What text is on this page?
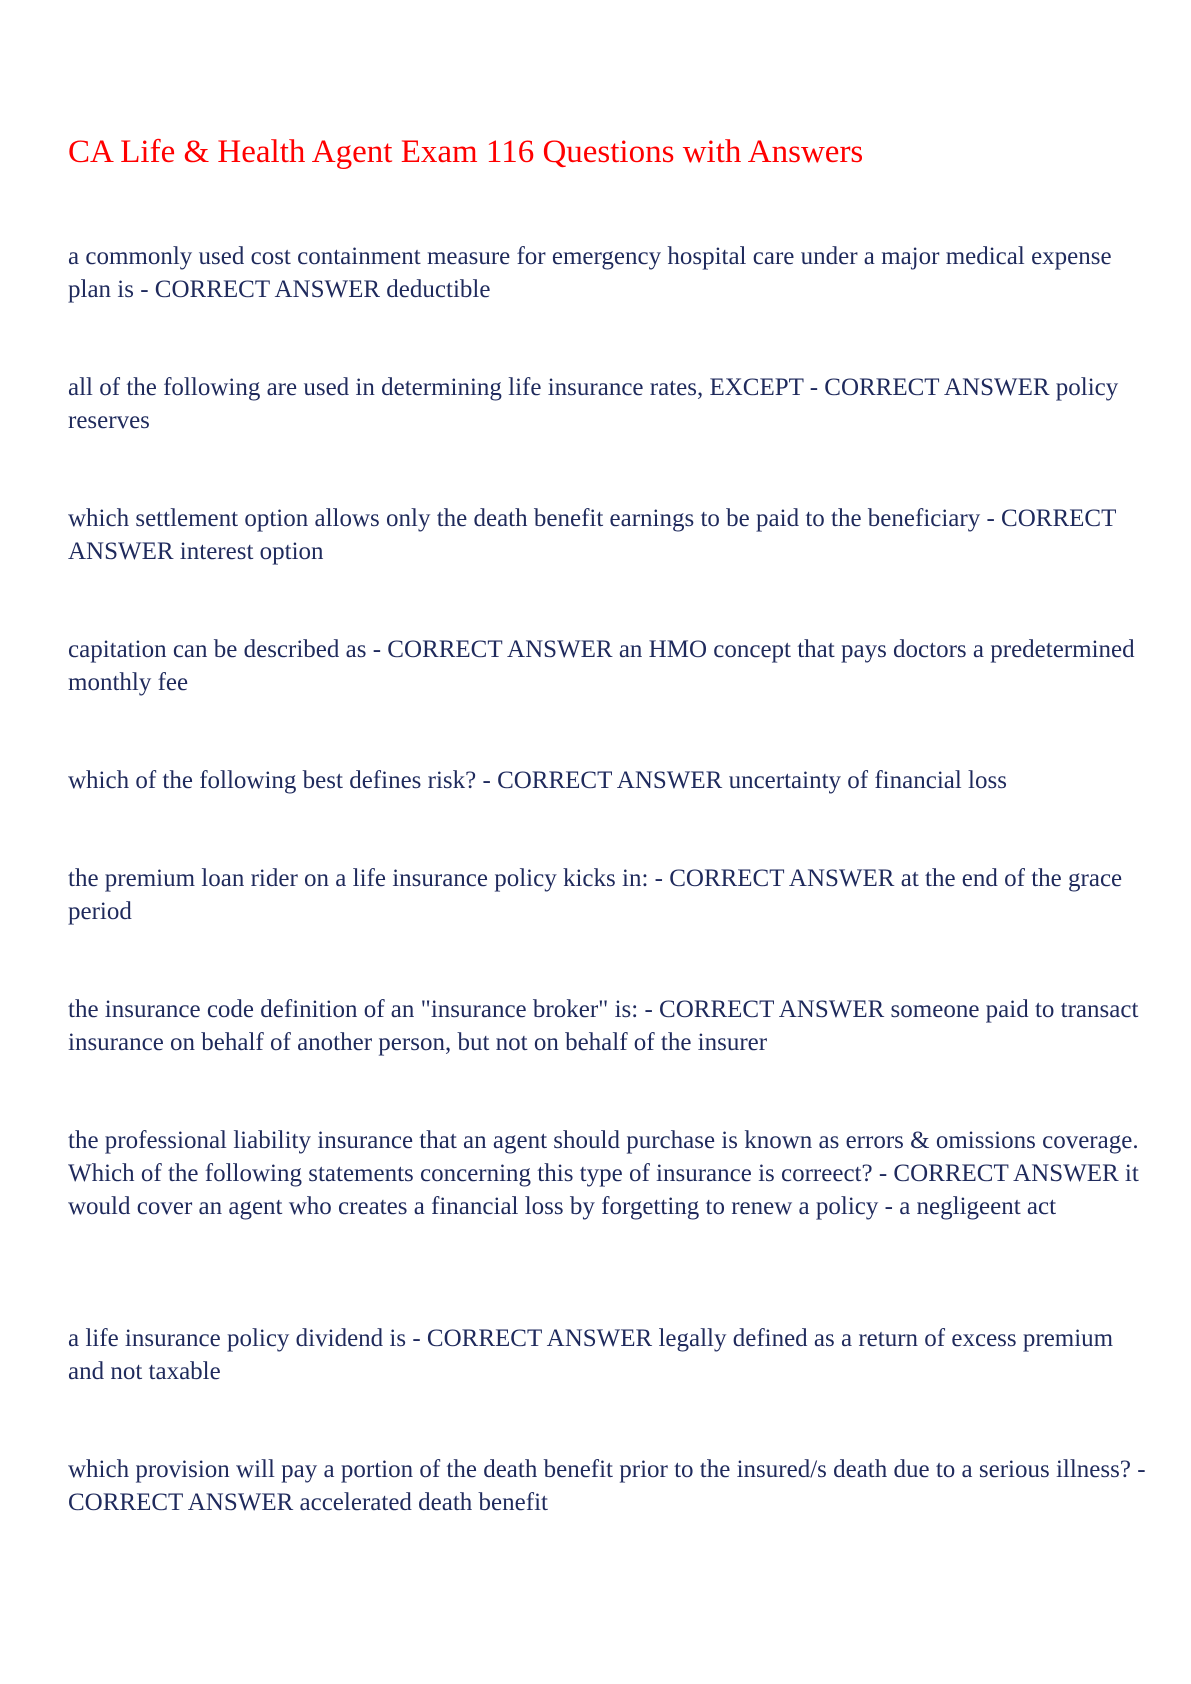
CA Life & Health Agent Exam 116 Questions with Answers

a commonly used cost containment measure for emergency hospital care under a major medical expense plan is - CORRECT ANSWER deductible

all of the following are used in determining life insurance rates, EXCEPT - CORRECT ANSWER policy reserves

which settlement option allows only the death benefit earnings to be paid to the beneficiary - CORRECT ANSWER interest option

capitation can be described as - CORRECT ANSWER an HMO concept that pays doctors a predetermined monthly fee

which of the following best defines risk? - CORRECT ANSWER uncertainty of financial loss

the premium loan rider on a life insurance policy kicks in: - CORRECT ANSWER at the end of the grace period

the insurance code definition of an "insurance broker" is: - CORRECT ANSWER someone paid to transact insurance on behalf of another person, but not on behalf of the insurer

the professional liability insurance that an agent should purchase is known as errors & omissions coverage. Which of the following statements concerning this type of insurance is correect? - CORRECT ANSWER it would cover an agent who creates a financial loss by forgetting to renew a policy - a negligeent act

a life insurance policy dividend is - CORRECT ANSWER legally defined as a return of excess premium and not taxable

which provision will pay a portion of the death benefit prior to the insured/s death due to a serious illness? - CORRECT ANSWER accelerated death benefit
